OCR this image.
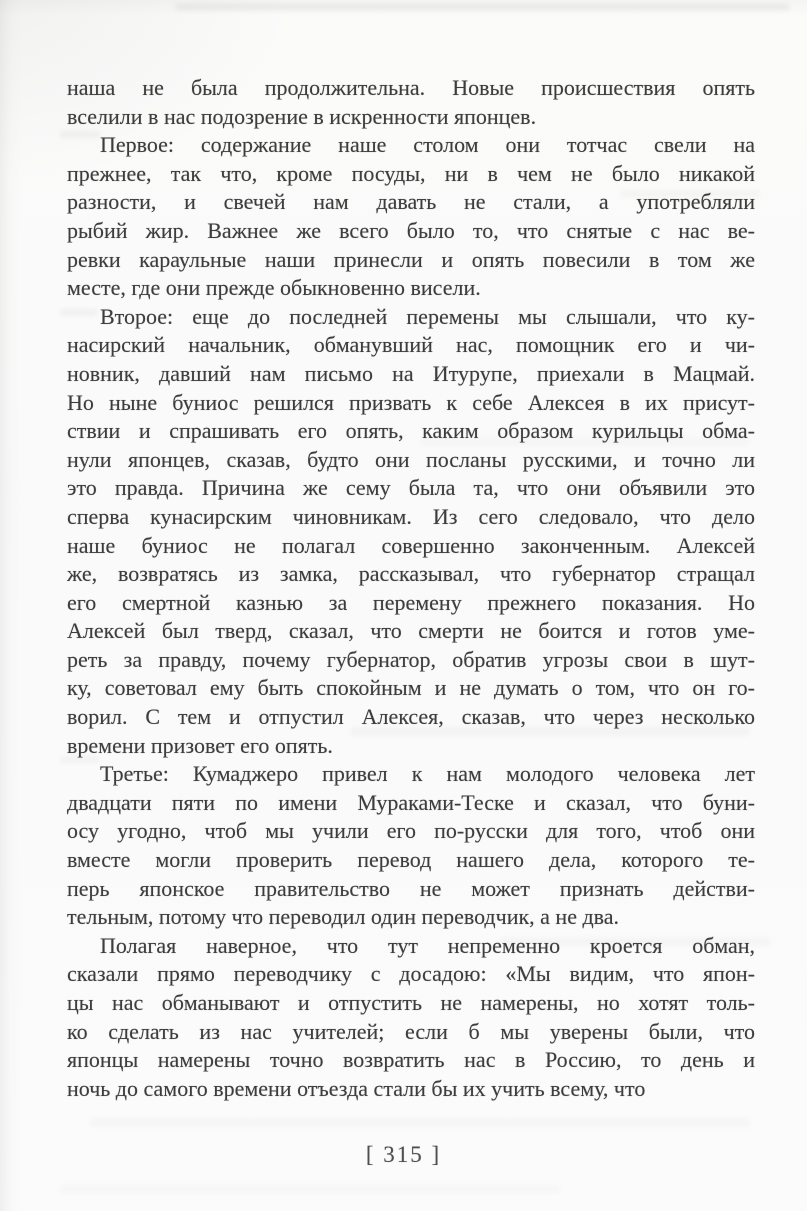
наша не была продолжительна. Новые происшествия опять
вселили в нас подозрение в искренности японцев.
Первое: содержание наше столом они тотчас свели на
прежнее, так что, кроме посуды, ни в чем не было никакой
разности, и свечей нам давать не стали, а употребляли
рыбий жир. Важнее же всего было то, что снятые с нас ве-
ревки караульные наши принесли и опять повесили в том же
месте, где они прежде обыкновенно висели.
Второе: еще до последней перемены мы слышали, что ку-
насирский начальник, обманувший нас, помощник его и чи-
новник, давший нам письмо на Итурупе, приехали в Мацмай.
Но ныне буниос решился призвать к себе Алексея в их присут-
ствии и спрашивать его опять, каким образом курильцы обма-
нули японцев, сказав, будто они посланы русскими, и точно ли
это правда. Причина же сему была та, что они объявили это
сперва кунасирским чиновникам. Из сего следовало, что дело
наше буниос не полагал совершенно законченным. Алексей
же, возвратясь из замка, рассказывал, что губернатор стращал
его смертной казнью за перемену прежнего показания. Но
Алексей был тверд, сказал, что смерти не боится и готов уме-
реть за правду, почему губернатор, обратив угрозы свои в шут-
ку, советовал ему быть спокойным и не думать о том, что он го-
ворил. С тем и отпустил Алексея, сказав, что через несколько
времени призовет его опять.
Третье: Кумаджеро привел к нам молодого человека лет
двадцати пяти по имени Мураками-Теске и сказал, что буни-
осу угодно, чтоб мы учили его по-русски для того, чтоб они
вместе могли проверить перевод нашего дела, которого те-
перь японское правительство не может признать действи-
тельным, потому что переводил один переводчик, а не два.
Полагая наверное, что тут непременно кроется обман,
сказали прямо переводчику с досадою: «Мы видим, что япон-
цы нас обманывают и отпустить не намерены, но хотят толь-
ко сделать из нас учителей; если б мы уверены были, что
японцы намерены точно возвратить нас в Россию, то день и
ночь до самого времени отъезда стали бы их учить всему, что
[ 315 ]
